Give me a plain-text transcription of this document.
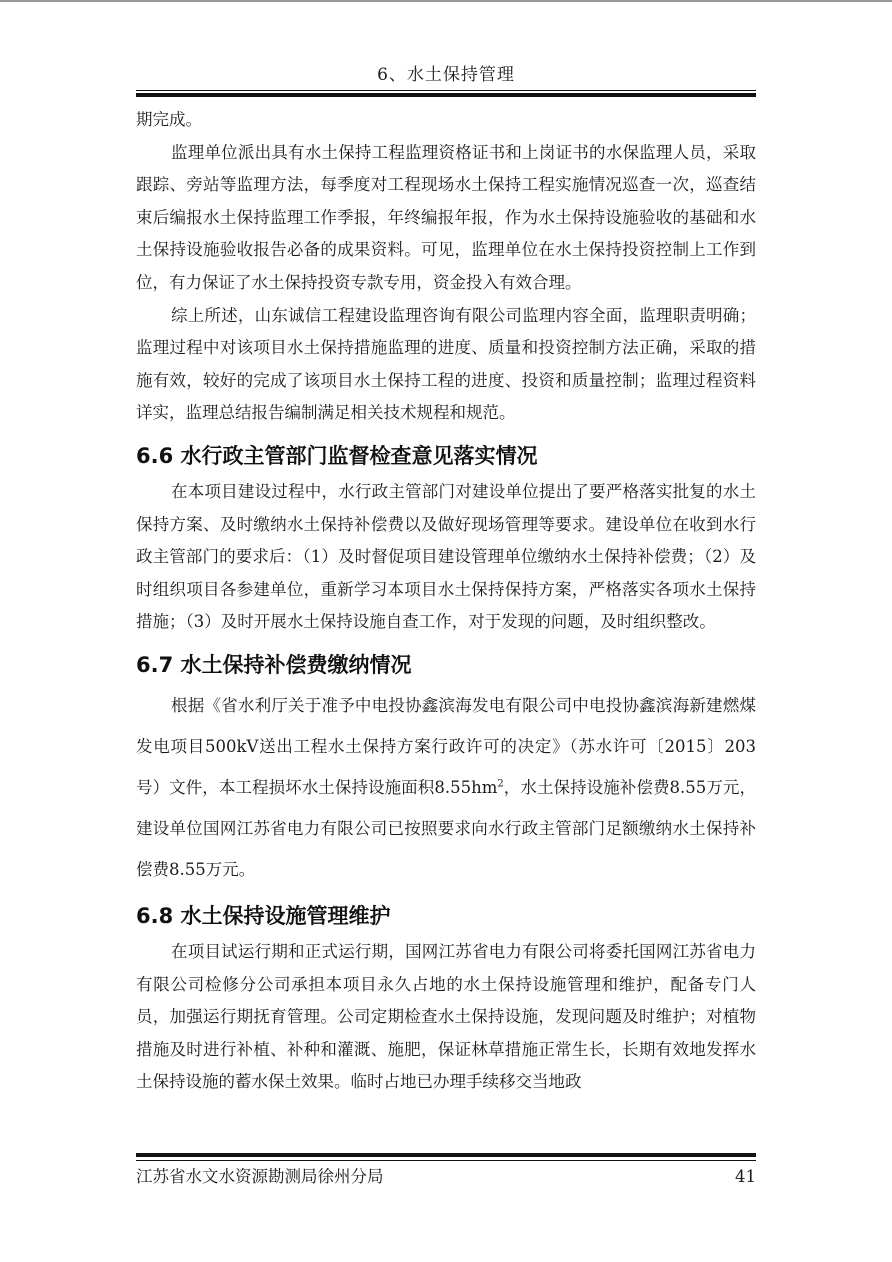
6、水土保持管理

期完成。

监理单位派出具有水土保持工程监理资格证书和上岗证书的水保监理人员，采取跟踪、旁站等监理方法，每季度对工程现场水土保持工程实施情况巡查一次，巡查结束后编报水土保持监理工作季报，年终编报年报，作为水土保持设施验收的基础和水土保持设施验收报告必备的成果资料。可见，监理单位在水土保持投资控制上工作到位，有力保证了水土保持投资专款专用，资金投入有效合理。

综上所述，山东诚信工程建设监理咨询有限公司监理内容全面，监理职责明确；监理过程中对该项目水土保持措施监理的进度、质量和投资控制方法正确，采取的措施有效，较好的完成了该项目水土保持工程的进度、投资和质量控制；监理过程资料详实，监理总结报告编制满足相关技术规程和规范。

6.6 水行政主管部门监督检查意见落实情况

在本项目建设过程中，水行政主管部门对建设单位提出了要严格落实批复的水土保持方案、及时缴纳水土保持补偿费以及做好现场管理等要求。建设单位在收到水行政主管部门的要求后：（1）及时督促项目建设管理单位缴纳水土保持补偿费；（2）及时组织项目各参建单位，重新学习本项目水土保持保持方案，严格落实各项水土保持措施；（3）及时开展水土保持设施自查工作，对于发现的问题，及时组织整改。

6.7 水土保持补偿费缴纳情况

根据《省水利厅关于准予中电投协鑫滨海发电有限公司中电投协鑫滨海新建燃煤发电项目500kV送出工程水土保持方案行政许可的决定》（苏水许可〔2015〕203号）文件，本工程损坏水土保持设施面积$8.55hm^2$，水土保持设施补偿费8.55万元，建设单位国网江苏省电力有限公司已按照要求向水行政主管部门足额缴纳水土保持补偿费8.55万元。

6.8 水土保持设施管理维护

在项目试运行期和正式运行期，国网江苏省电力有限公司将委托国网江苏省电力有限公司检修分公司承担本项目永久占地的水土保持设施管理和维护，配备专门人员，加强运行期抚育管理。公司定期检查水土保持设施，发现问题及时维护；对植物措施及时进行补植、补种和灌溉、施肥，保证林草措施正常生长，长期有效地发挥水土保持设施的蓄水保土效果。临时占地已办理手续移交当地政

江苏省水文水资源勘测局徐州分局	41
